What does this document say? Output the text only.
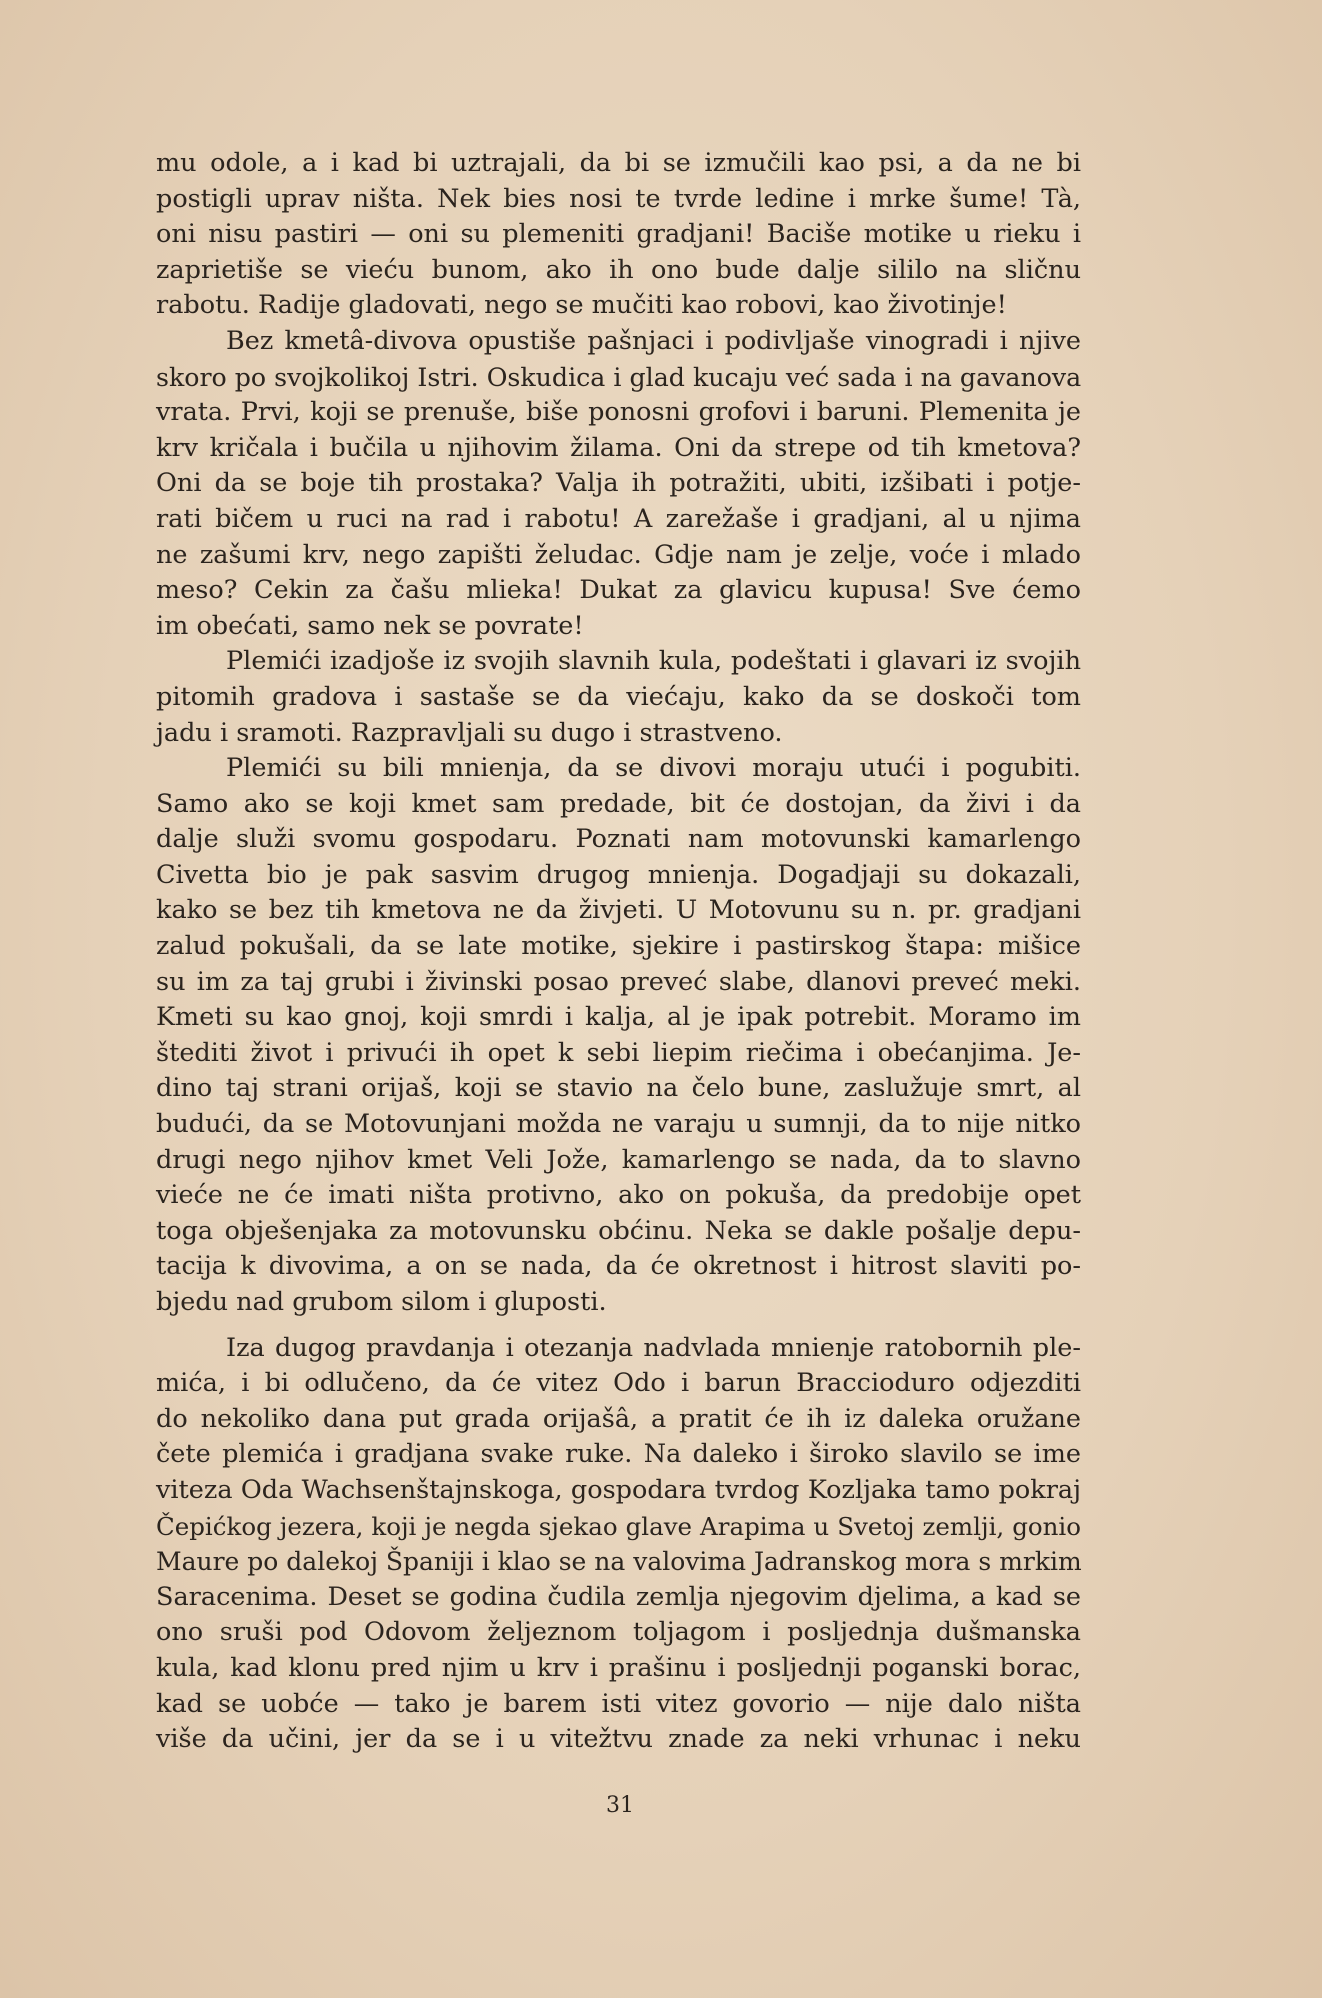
mu odole, a i kad bi uztrajali, da bi se izmučili kao psi, a da ne bi
postigli uprav ništa. Nek bies nosi te tvrde ledine i mrke šume! Tà,
oni nisu pastiri — oni su plemeniti gradjani! Baciše motike u rieku i
zaprietiše se vieću bunom, ako ih ono bude dalje sililo na sličnu
rabotu. Radije gladovati, nego se mučiti kao robovi, kao životinje!
Bez kmetâ-divova opustiše pašnjaci i podivljaše vinogradi i njive
skoro po svojkolikoj Istri. Oskudica i glad kucaju već sada i na gavanova
vrata. Prvi, koji se prenuše, biše ponosni grofovi i baruni. Plemenita je
krv kričala i bučila u njihovim žilama. Oni da strepe od tih kmetova?
Oni da se boje tih prostaka? Valja ih potražiti, ubiti, izšibati i potje-
rati bičem u ruci na rad i rabotu! A zarežaše i gradjani, al u njima
ne zašumi krv, nego zapišti želudac. Gdje nam je zelje, voće i mlado
meso? Cekin za čašu mlieka! Dukat za glavicu kupusa! Sve ćemo
im obećati, samo nek se povrate!
Plemići izadjoše iz svojih slavnih kula, podeštati i glavari iz svojih
pitomih gradova i sastaše se da viećaju, kako da se doskoči tom
jadu i sramoti. Razpravljali su dugo i strastveno.
Plemići su bili mnienja, da se divovi moraju utući i pogubiti.
Samo ako se koji kmet sam predade, bit će dostojan, da živi i da
dalje služi svomu gospodaru. Poznati nam motovunski kamarlengo
Civetta bio je pak sasvim drugog mnienja. Dogadjaji su dokazali,
kako se bez tih kmetova ne da živjeti. U Motovunu su n. pr. gradjani
zalud pokušali, da se late motike, sjekire i pastirskog štapa: mišice
su im za taj grubi i živinski posao preveć slabe, dlanovi preveć meki.
Kmeti su kao gnoj, koji smrdi i kalja, al je ipak potrebit. Moramo im
štediti život i privući ih opet k sebi liepim riečima i obećanjima. Je-
dino taj strani orijaš, koji se stavio na čelo bune, zaslužuje smrt, al
budući, da se Motovunjani možda ne varaju u sumnji, da to nije nitko
drugi nego njihov kmet Veli Jože, kamarlengo se nada, da to slavno
vieće ne će imati ništa protivno, ako on pokuša, da predobije opet
toga obješenjaka za motovunsku obćinu. Neka se dakle pošalje depu-
tacija k divovima, a on se nada, da će okretnost i hitrost slaviti po-
bjedu nad grubom silom i gluposti.
Iza dugog pravdanja i otezanja nadvlada mnienje ratobornih ple-
mića, i bi odlučeno, da će vitez Odo i barun Braccioduro odjezditi
do nekoliko dana put grada orijašâ, a pratit će ih iz daleka oružane
čete plemića i gradjana svake ruke. Na daleko i široko slavilo se ime
viteza Oda Wachsenštajnskoga, gospodara tvrdog Kozljaka tamo pokraj
Čepićkog jezera, koji je negda sjekao glave Arapima u Svetoj zemlji, gonio
Maure po dalekoj Španiji i klao se na valovima Jadranskog mora s mrkim
Saracenima. Deset se godina čudila zemlja njegovim djelima, a kad se
ono sruši pod Odovom željeznom toljagom i posljednja dušmanska
kula, kad klonu pred njim u krv i prašinu i posljednji poganski borac,
kad se uobće — tako je barem isti vitez govorio — nije dalo ništa
više da učini, jer da se i u vitežtvu znade za neki vrhunac i neku
31
